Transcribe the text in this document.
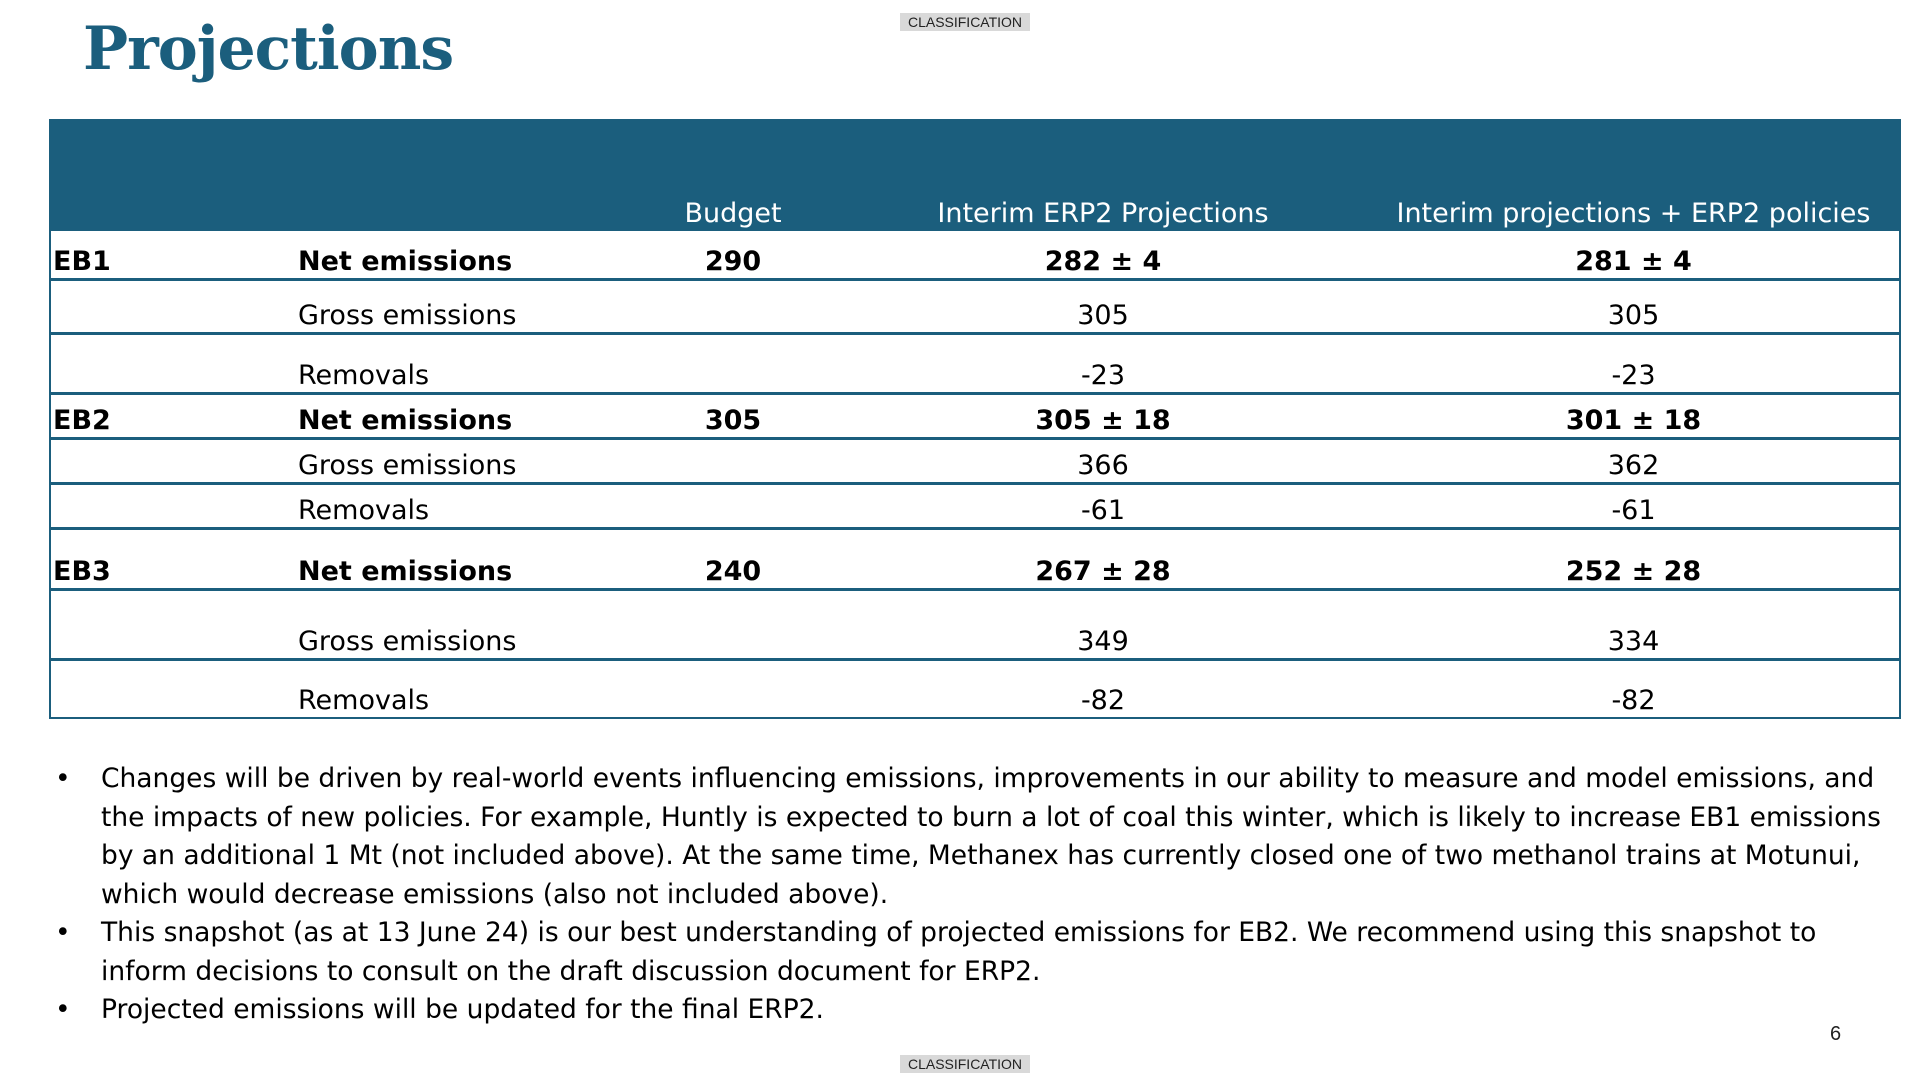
CLASSIFICATION
Projections
		Budget	Interim ERP2 Projections	Interim projections + ERP2 policies
EB1	Net emissions	290	282 ± 4	281 ± 4
	Gross emissions		305	305
	Removals		-23	-23
EB2	Net emissions	305	305 ± 18	301 ± 18
	Gross emissions		366	362
	Removals		-61	-61
EB3	Net emissions	240	267 ± 28	252 ± 28
	Gross emissions		349	334
	Removals		-82	-82
• Changes will be driven by real-world events influencing emissions, improvements in our ability to measure and model emissions, and the impacts of new policies. For example, Huntly is expected to burn a lot of coal this winter, which is likely to increase EB1 emissions by an additional 1 Mt (not included above). At the same time, Methanex has currently closed one of two methanol trains at Motunui, which would decrease emissions (also not included above).
• This snapshot (as at 13 June 24) is our best understanding of projected emissions for EB2. We recommend using this snapshot to inform decisions to consult on the draft discussion document for ERP2.
• Projected emissions will be updated for the final ERP2.
6
CLASSIFICATION
